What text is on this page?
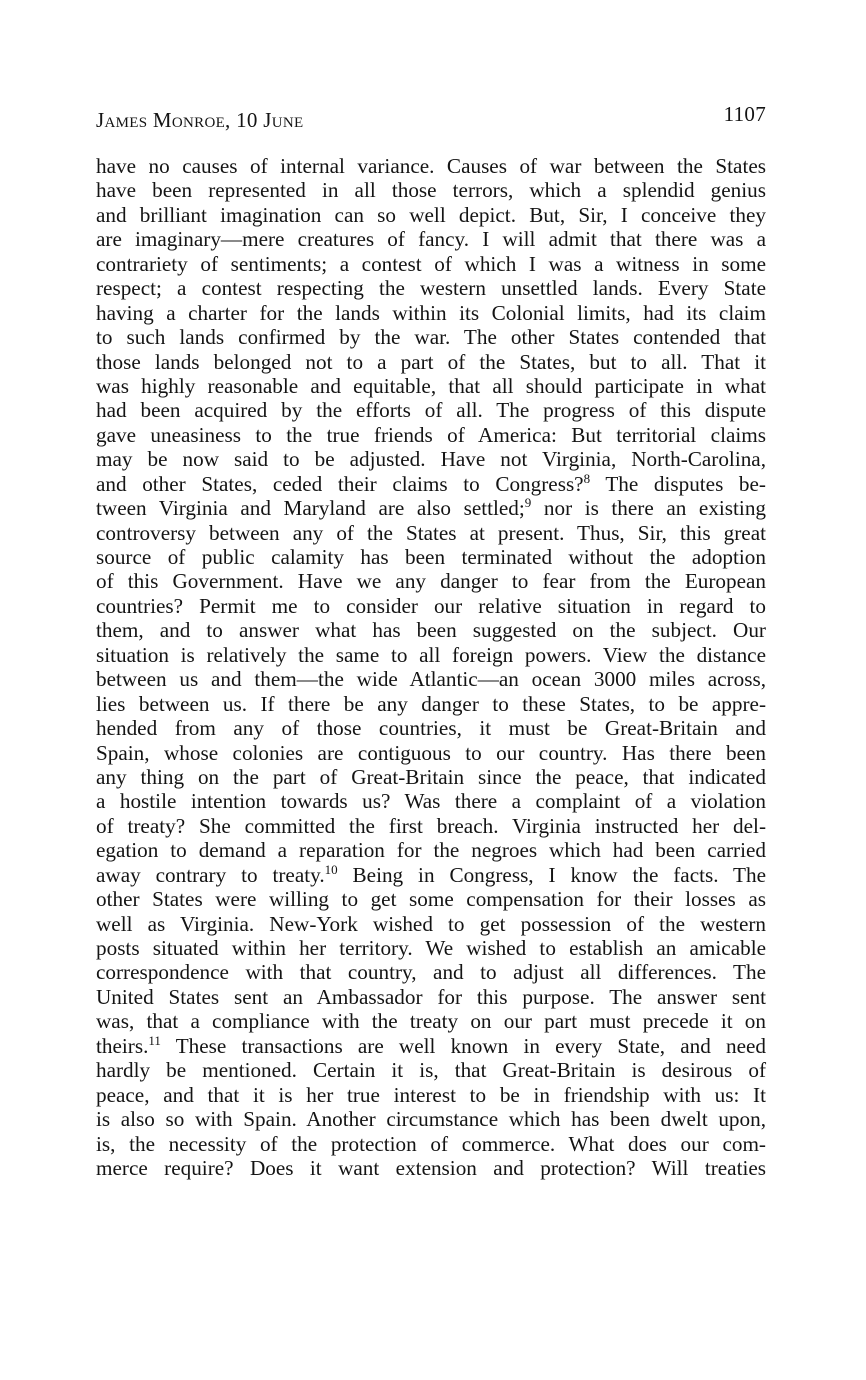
James Monroe, 10 June	1107
have no causes of internal variance. Causes of war between the States
have been represented in all those terrors, which a splendid genius
and brilliant imagination can so well depict. But, Sir, I conceive they
are imaginary—mere creatures of fancy. I will admit that there was a
contrariety of sentiments; a contest of which I was a witness in some
respect; a contest respecting the western unsettled lands. Every State
having a charter for the lands within its Colonial limits, had its claim
to such lands confirmed by the war. The other States contended that
those lands belonged not to a part of the States, but to all. That it
was highly reasonable and equitable, that all should participate in what
had been acquired by the efforts of all. The progress of this dispute
gave uneasiness to the true friends of America: But territorial claims
may be now said to be adjusted. Have not Virginia, North-Carolina,
and other States, ceded their claims to Congress?$^8$ The disputes be-
tween Virginia and Maryland are also settled;$^9$ nor is there an existing
controversy between any of the States at present. Thus, Sir, this great
source of public calamity has been terminated without the adoption
of this Government. Have we any danger to fear from the European
countries? Permit me to consider our relative situation in regard to
them, and to answer what has been suggested on the subject. Our
situation is relatively the same to all foreign powers. View the distance
between us and them—the wide Atlantic—an ocean 3000 miles across,
lies between us. If there be any danger to these States, to be appre-
hended from any of those countries, it must be Great-Britain and
Spain, whose colonies are contiguous to our country. Has there been
any thing on the part of Great-Britain since the peace, that indicated
a hostile intention towards us? Was there a complaint of a violation
of treaty? She committed the first breach. Virginia instructed her del-
egation to demand a reparation for the negroes which had been carried
away contrary to treaty.$^{10}$ Being in Congress, I know the facts. The
other States were willing to get some compensation for their losses as
well as Virginia. New-York wished to get possession of the western
posts situated within her territory. We wished to establish an amicable
correspondence with that country, and to adjust all differences. The
United States sent an Ambassador for this purpose. The answer sent
was, that a compliance with the treaty on our part must precede it on
theirs.$^{11}$ These transactions are well known in every State, and need
hardly be mentioned. Certain it is, that Great-Britain is desirous of
peace, and that it is her true interest to be in friendship with us: It
is also so with Spain. Another circumstance which has been dwelt upon,
is, the necessity of the protection of commerce. What does our com-
merce require? Does it want extension and protection? Will treaties
